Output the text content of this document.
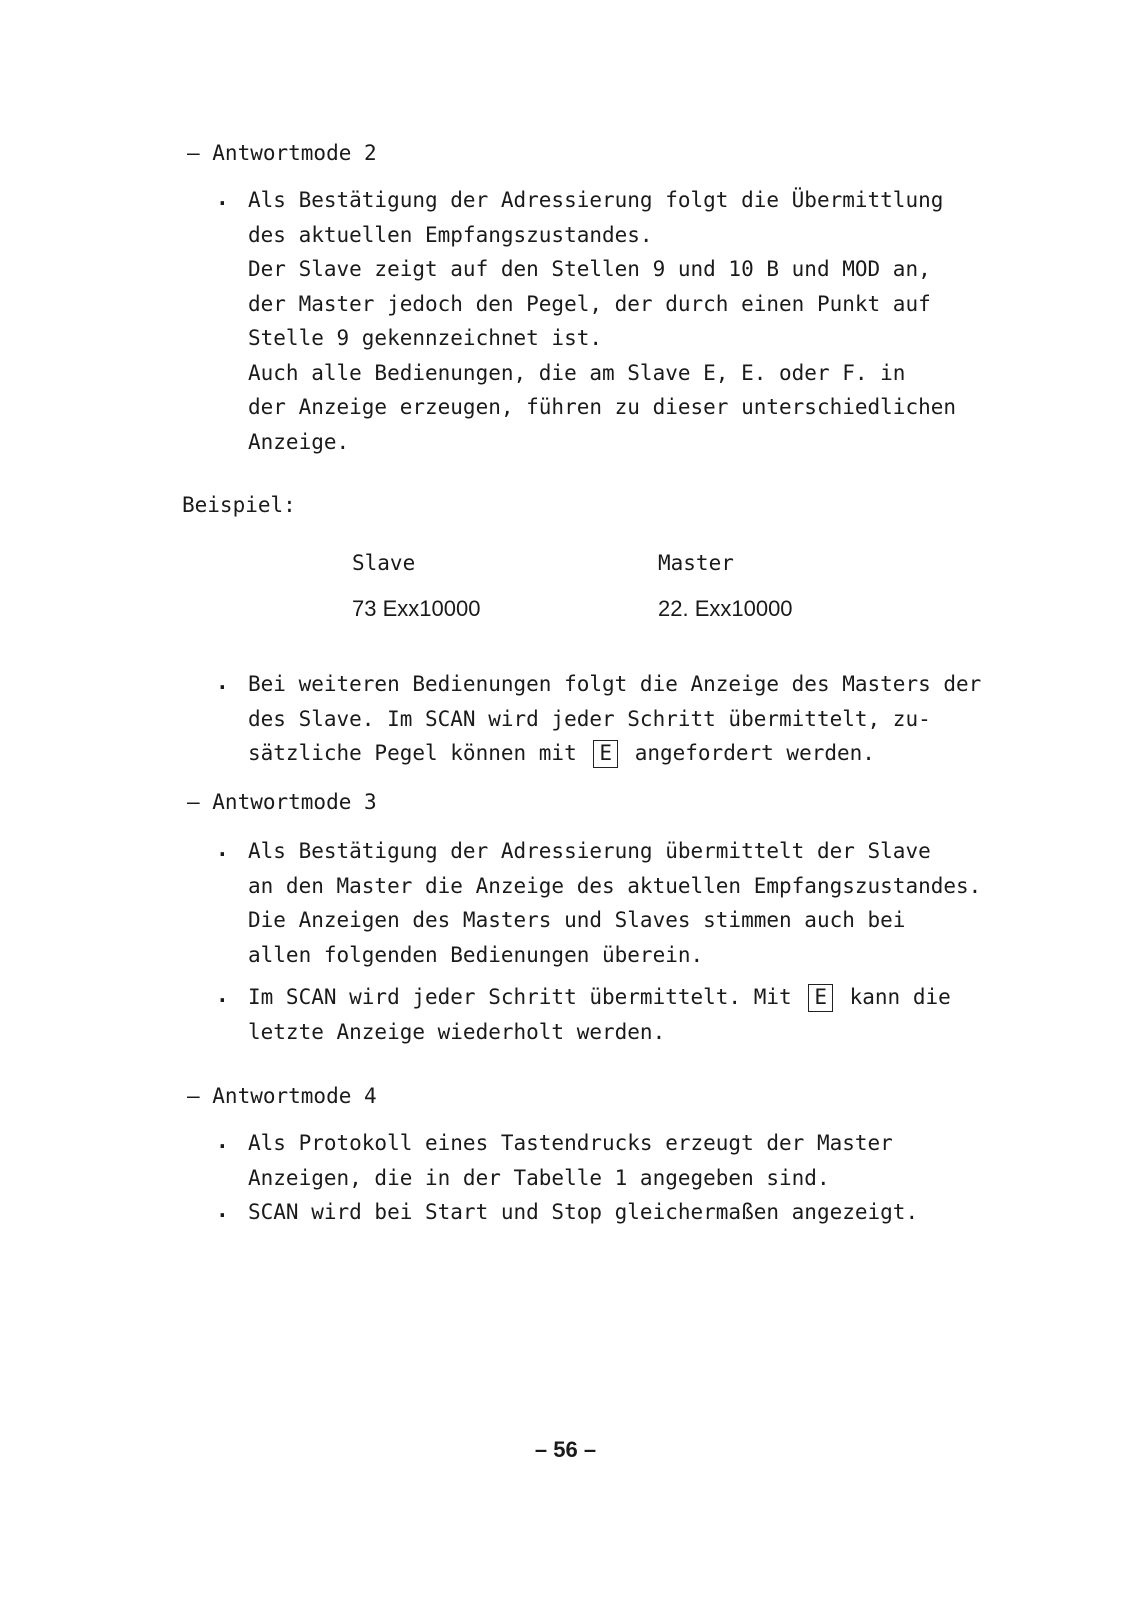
– Antwortmode 2
. Als Bestätigung der Adressierung folgt die Übermittlung
des aktuellen Empfangszustandes.
Der Slave zeigt auf den Stellen 9 und 10 B und MOD an,
der Master jedoch den Pegel, der durch einen Punkt auf
Stelle 9 gekennzeichnet ist.
Auch alle Bedienungen, die am Slave E, E. oder F. in
der Anzeige erzeugen, führen zu dieser unterschiedlichen
Anzeige.
Beispiel:
Slave	Master
73 Exx10000	22. Exx10000
. Bei weiteren Bedienungen folgt die Anzeige des Masters der
des Slave. Im SCAN wird jeder Schritt übermittelt, zu-
sätzliche Pegel können mit E angefordert werden.
– Antwortmode 3
. Als Bestätigung der Adressierung übermittelt der Slave
an den Master die Anzeige des aktuellen Empfangszustandes.
Die Anzeigen des Masters und Slaves stimmen auch bei
allen folgenden Bedienungen überein.
. Im SCAN wird jeder Schritt übermittelt. Mit E kann die
letzte Anzeige wiederholt werden.
– Antwortmode 4
. Als Protokoll eines Tastendrucks erzeugt der Master
Anzeigen, die in der Tabelle 1 angegeben sind.
. SCAN wird bei Start und Stop gleichermaßen angezeigt.
– 56 –
